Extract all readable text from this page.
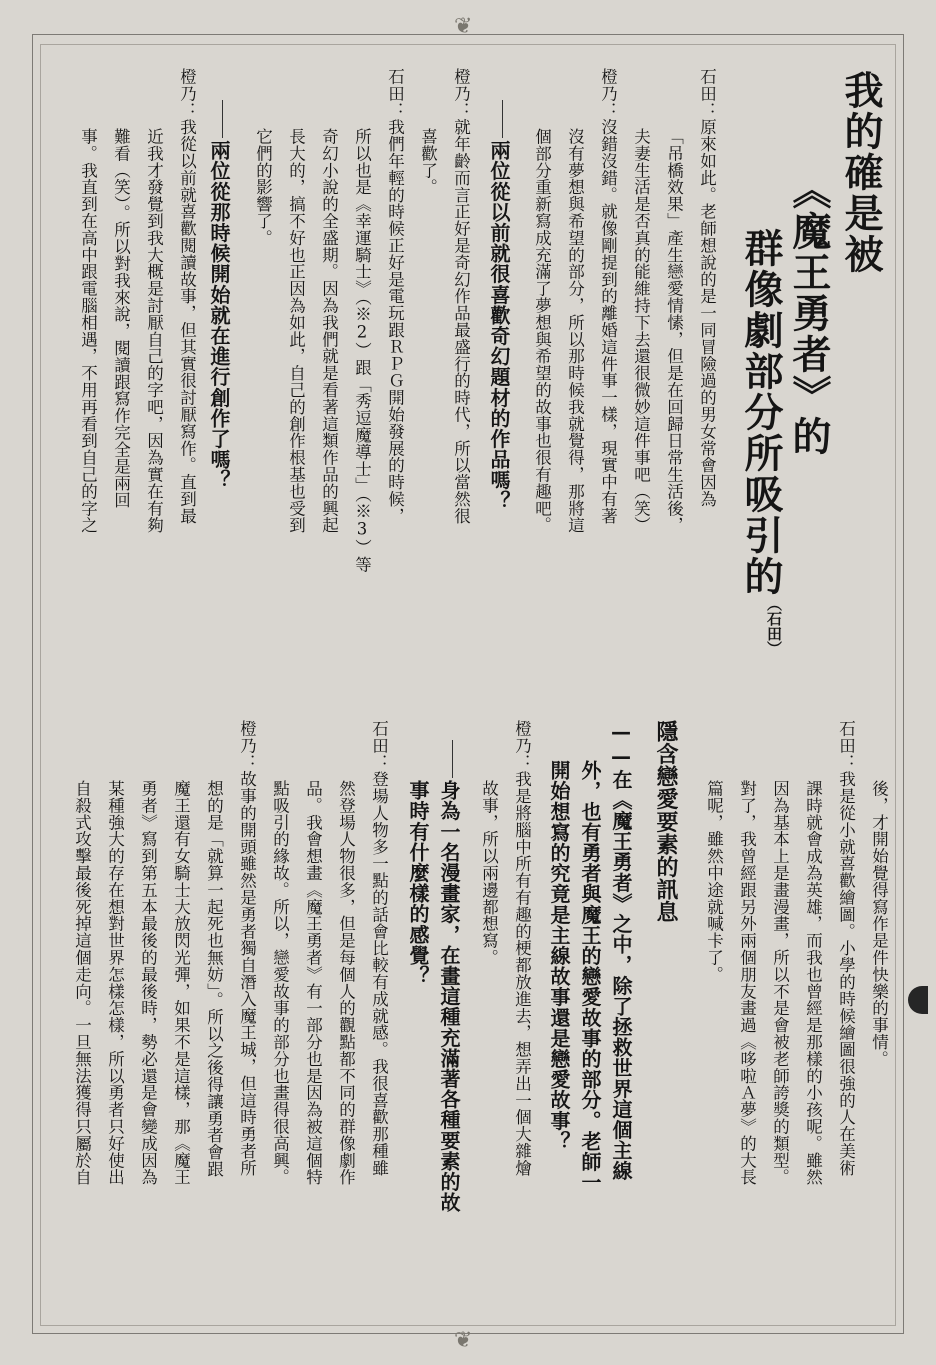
❦
❦
我的確是被
《魔王勇者》的
群像劇部分所吸引的
（石田）
石田：原來如此。老師想說的是一同冒險過的男女常會因為
「吊橋效果」產生戀愛情愫，但是在回歸日常生活後，
夫妻生活是否真的能維持下去還很微妙這件事吧（笑）
橙乃：沒錯沒錯。就像剛提到的離婚這件事一樣，現實中有著
沒有夢想與希望的部分，所以那時候我就覺得，那將這
個部分重新寫成充滿了夢想與希望的故事也很有趣吧。
兩位從以前就很喜歡奇幻題材的作品嗎？
橙乃：就年齡而言正好是奇幻作品最盛行的時代，所以當然很
喜歡了。
石田：我們年輕的時候正好是電玩跟ＲＰＧ開始發展的時候，
所以也是《幸運騎士》（※2）跟「秀逗魔導士」（※3）等
奇幻小說的全盛期。因為我們就是看著這類作品的興起
長大的，搞不好也正因為如此，自己的創作根基也受到
它們的影響了。
兩位從那時候開始就在進行創作了嗎？
橙乃：我從以前就喜歡閱讀故事，但其實很討厭寫作。直到最
近我才發覺到我大概是討厭自己的字吧，因為實在有夠
難看（笑）。所以對我來說，閱讀跟寫作完全是兩回
事。我直到在高中跟電腦相遇，不用再看到自己的字之
後，才開始覺得寫作是件快樂的事情。
石田：我是從小就喜歡繪圖。小學的時候繪圖很強的人在美術
課時就會成為英雄，而我也曾經是那樣的小孩呢。雖然
因為基本上是畫漫畫，所以不是會被老師誇獎的類型。
對了，我曾經跟另外兩個朋友畫過《哆啦Ａ夢》的大長
篇呢，雖然中途就喊卡了。
隱含戀愛要素的訊息
——在《魔王勇者》之中，除了拯救世界這個主線
外，也有勇者與魔王的戀愛故事的部分。老師一
開始想寫的究竟是主線故事還是戀愛故事？
橙乃：我是將腦中所有有趣的梗都放進去，想弄出一個大雜燴
故事，所以兩邊都想寫。
身為一名漫畫家，在畫這種充滿著各種要素的故
事時有什麼樣的感覺？
石田：登場人物多一點的話會比較有成就感。我很喜歡那種雖
然登場人物很多，但是每個人的觀點都不同的群像劇作
品。我會想畫《魔王勇者》有一部分也是因為被這個特
點吸引的緣故。所以，戀愛故事的部分也畫得很高興。
橙乃：故事的開頭雖然是勇者獨自潛入魔王城，但這時勇者所
想的是「就算一起死也無妨」。所以之後得讓勇者會跟
魔王還有女騎士大放閃光彈，如果不是這樣，那《魔王
勇者》寫到第五本最後的最後時，勢必還是會變成因為
某種強大的存在想對世界怎樣怎樣，所以勇者只好使出
自殺式攻擊最後死掉這個走向。一旦無法獲得只屬於自
